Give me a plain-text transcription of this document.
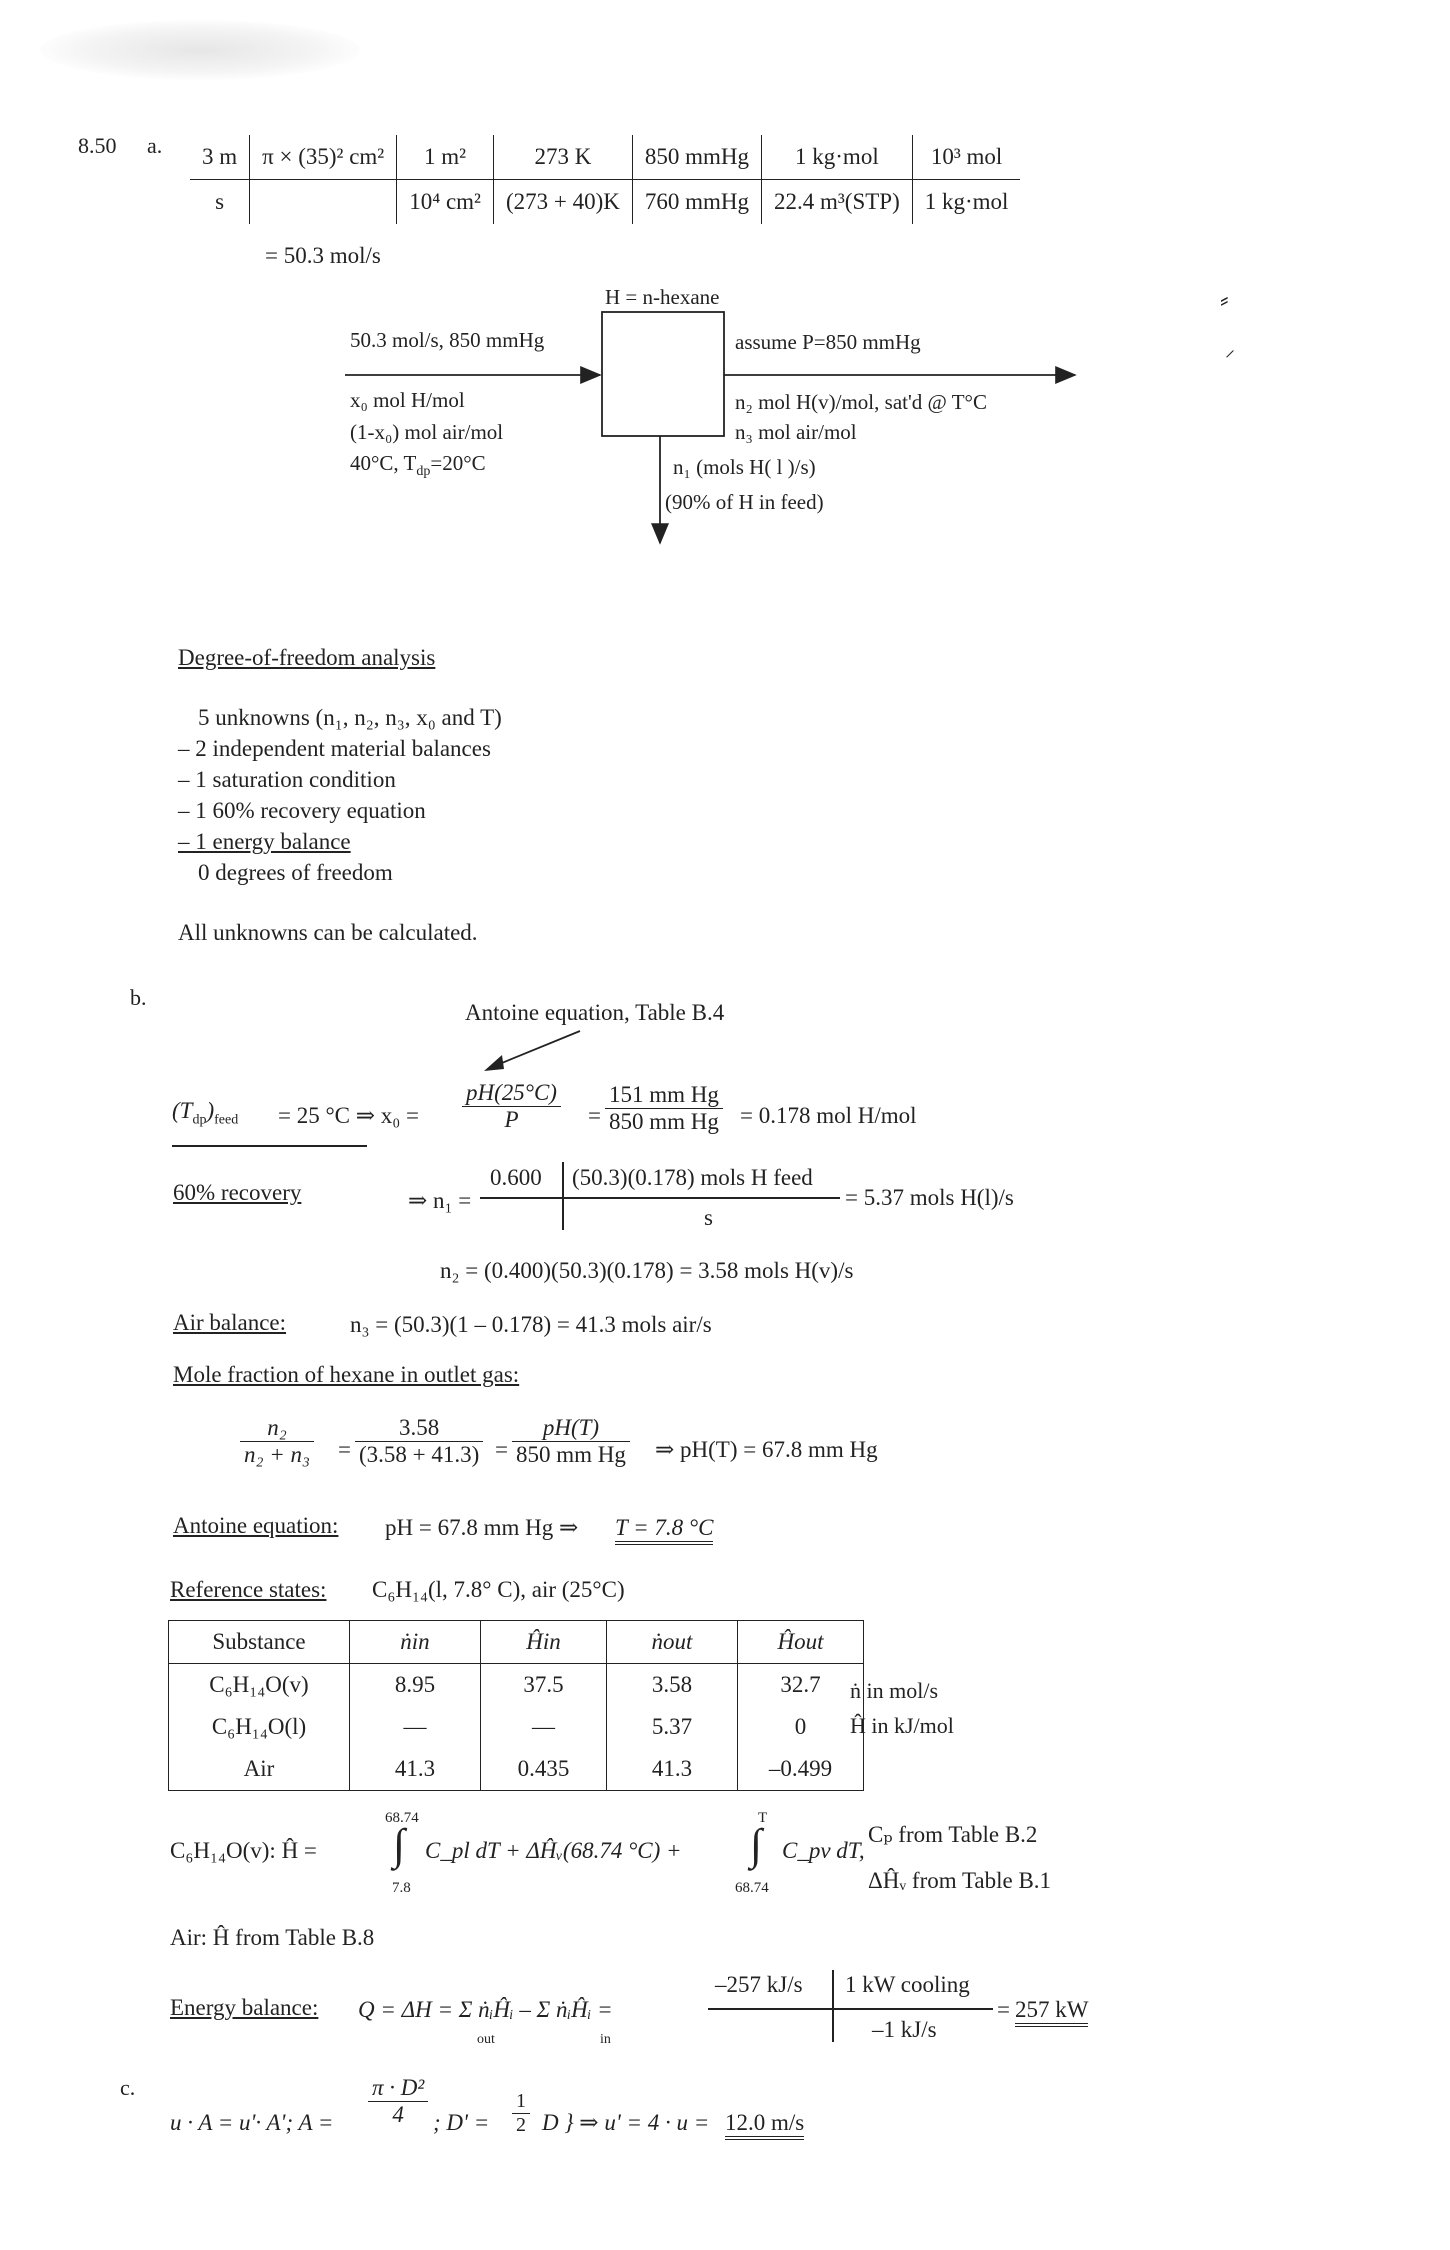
⸗
⸝
8.50 a. 3 m	π × (35)² cm²	1 m²	273 K	850 mmHg	1 kg·mol	10³ mol
s		10⁴ cm²	(273 + 40)K	760 mmHg	22.4 m³(STP)	1 kg·mol
= 50.3 mol/s
H = n-hexane
50.3 mol/s, 850 mmHg
x₀ mol H/mol
(1-x₀) mol air/mol
40°C, $T_{dp}=20^\circ C$
assume P=850 mmHg
n₂ mol H(v)/mol, sat'd @ T°C
n₃ mol air/mol
n₁ (mols H( l )/s)
(90% of H in feed)
Degree-of-freedom analysis
5 unknowns (n₁, n₂, n₃, x₀ and T)
– 2 independent material balances
– 1 saturation condition
– 1 60% recovery equation
– 1 energy balance
0 degrees of freedom
All unknowns can be calculated.
b.
Antoine equation, Table B.4
$(T_{dp})_{feed} = 25$ °C ⇒ $x_0 = \frac{pH(25^\circ C)}{P} = \frac{\text{151 mm Hg}}{\text{850 mm Hg}} = 0.178$ mol H/mol
60% recovery	⇒ n₁ =
0.600 (50.3)(0.178) mols H feed
s
= 5.37 mols H(l)/s
n₂ = (0.400)(50.3)(0.178) = 3.58 mols H(v)/s
Air balance:	n₃ = (50.3)(1 – 0.178) = 41.3 mols air/s
Mole fraction of hexane in outlet gas:
$\frac{\text{n₂}}{\text{n₂ + n₃}} = \frac{3.58}{(3.58 + 41.3)} = \frac{pH(T)}{\text{850 mm Hg}}$ ⇒ pH(T) = 67.8 mm Hg
Antoine equation: pH = 67.8 mm Hg ⇒ T = 7.8 °C
Reference states: C₆H₁₄(l, 7.8° C), air (25°C)
Substance	ṅin	Ĥin	ṅout	Ĥout
C₆H₁₄O(v)	8.95	37.5	3.58	32.7
C₆H₁₄O(l)	—	—	5.37	0
Air	41.3	0.435	41.3	–0.499
ṅ in mol/s
Ĥ in kJ/mol
C₆H₁₄O(v): Ĥ =
68.74
∫
7.8
C_pl dT + ΔĤᵥ(68.74 °C) +
T
∫
68.74
C_pv dT,
Cₚ from Table B.2
ΔĤᵥ from Table B.1
Air: Ĥ from Table B.8
Energy balance: Q = ΔH = Σ ṅᵢĤᵢ – Σ ṅᵢĤᵢ =
out	in
–257 kJ/s 1 kW cooling
–1 kJ/s
= 257 kW
c.
u · A = u'· A'; $A = \frac{\text{π · D²}}{4}$ ; $D' = \frac{1}{2}$ D } ⇒ u' = 4 · u = 12.0 m/s
